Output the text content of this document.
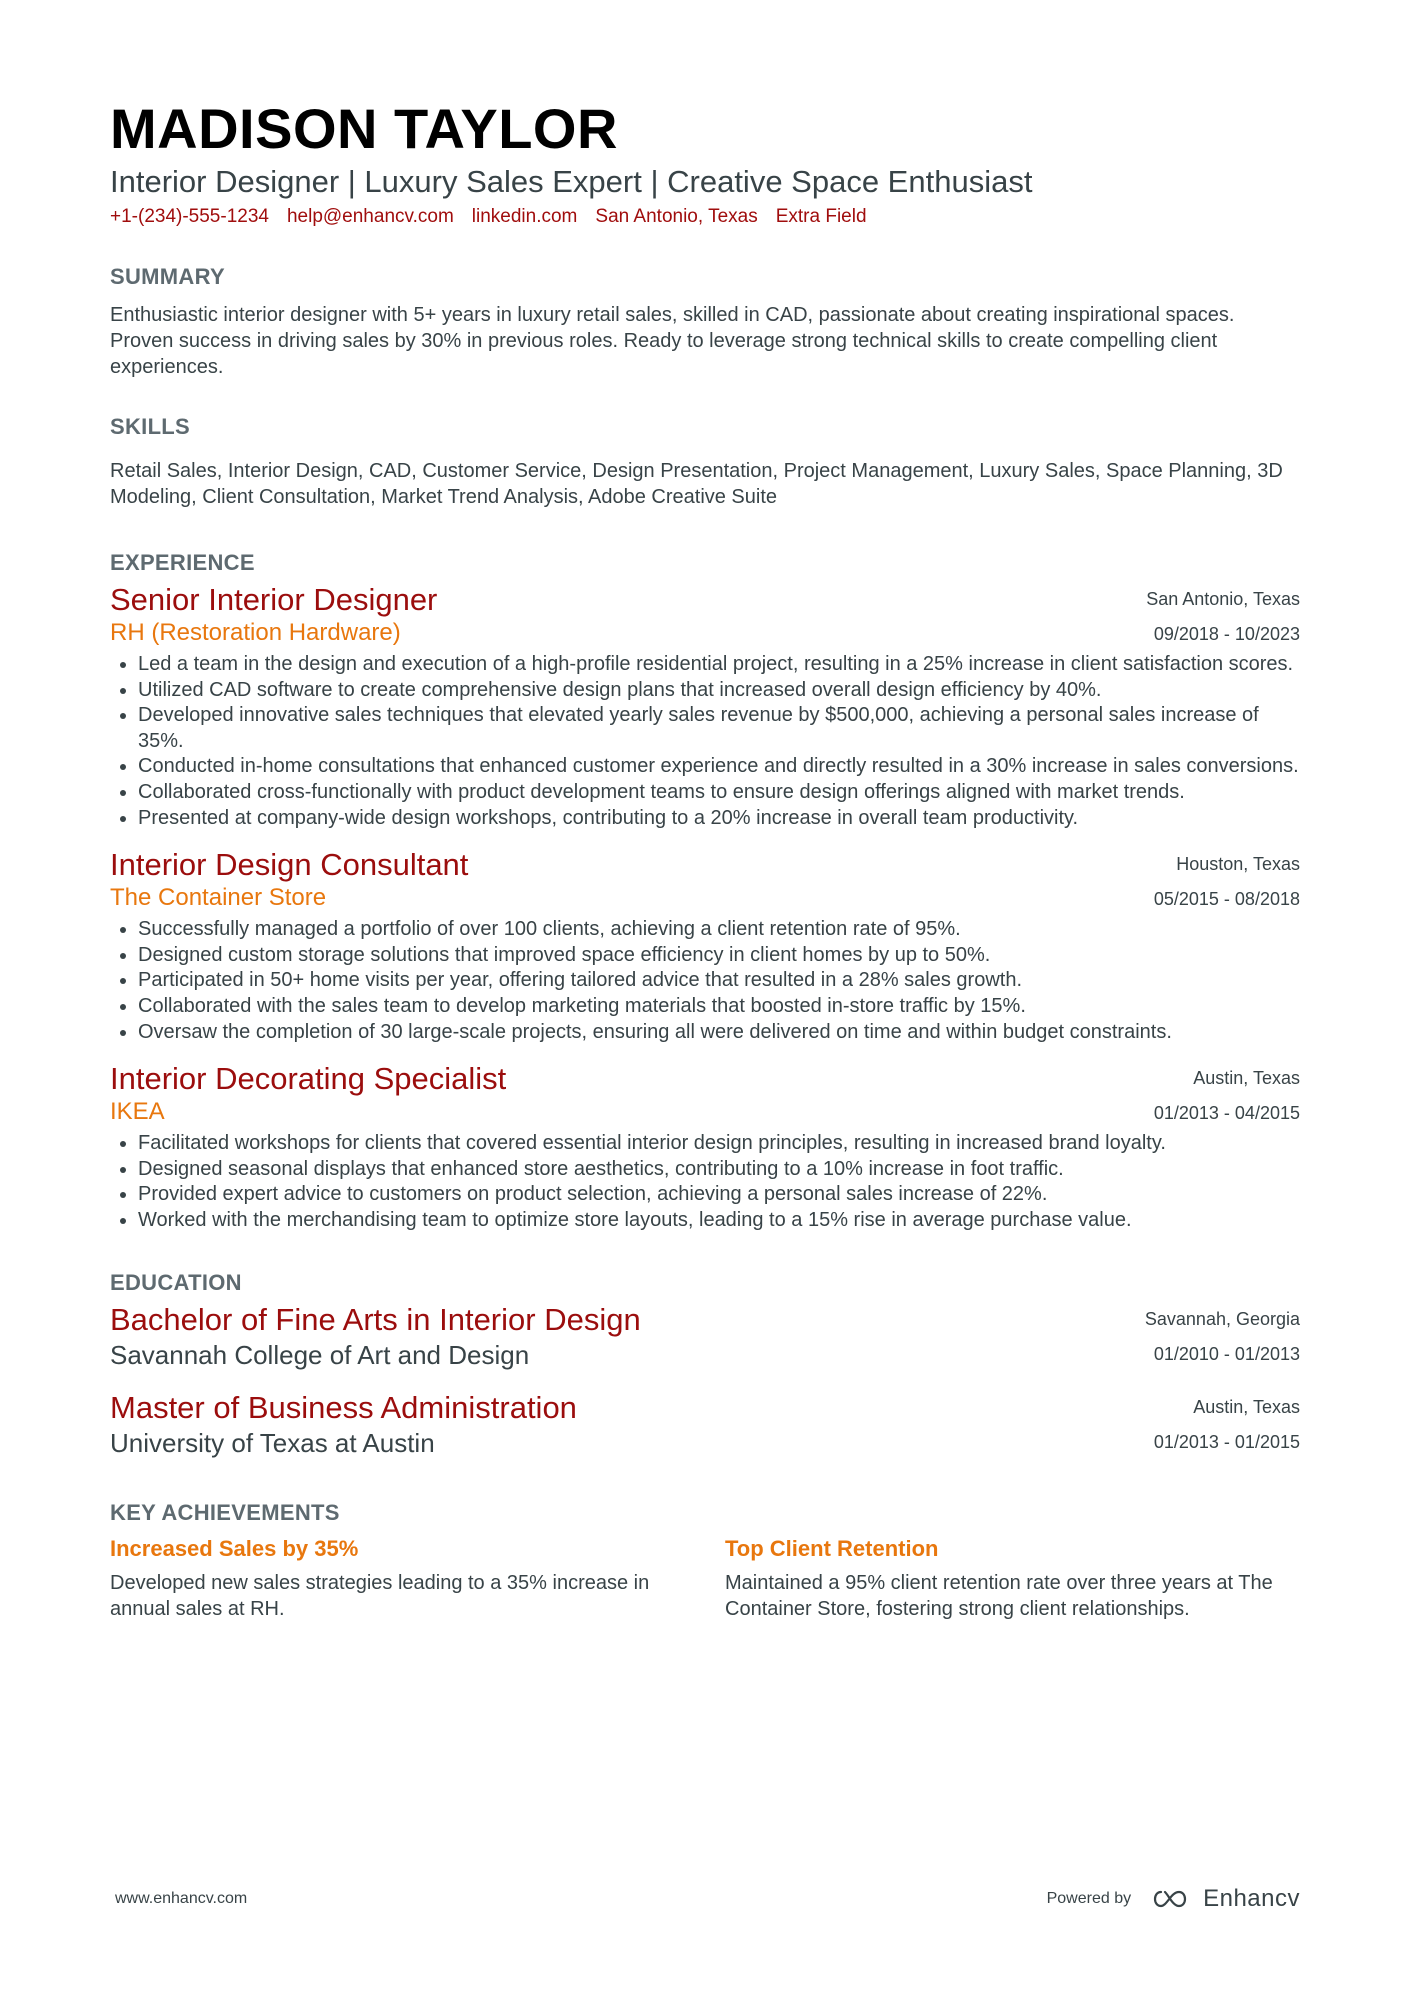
MADISON TAYLOR
Interior Designer | Luxury Sales Expert | Creative Space Enthusiast
+1-(234)-555-1234 help@enhancv.com linkedin.com San Antonio, Texas Extra Field
SUMMARY
Enthusiastic interior designer with 5+ years in luxury retail sales, skilled in CAD, passionate about creating inspirational spaces. Proven success in driving sales by 30% in previous roles. Ready to leverage strong technical skills to create compelling client experiences.
SKILLS
Retail Sales, Interior Design, CAD, Customer Service, Design Presentation, Project Management, Luxury Sales, Space Planning, 3D Modeling, Client Consultation, Market Trend Analysis, Adobe Creative Suite
EXPERIENCE
Senior Interior Designer
RH (Restoration Hardware)
San Antonio, Texas
09/2018 - 10/2023
• Led a team in the design and execution of a high-profile residential project, resulting in a 25% increase in client satisfaction scores.
• Utilized CAD software to create comprehensive design plans that increased overall design efficiency by 40%.
• Developed innovative sales techniques that elevated yearly sales revenue by $500,000, achieving a personal sales increase of 35%.
• Conducted in-home consultations that enhanced customer experience and directly resulted in a 30% increase in sales conversions.
• Collaborated cross-functionally with product development teams to ensure design offerings aligned with market trends.
• Presented at company-wide design workshops, contributing to a 20% increase in overall team productivity.
Interior Design Consultant
The Container Store
Houston, Texas
05/2015 - 08/2018
• Successfully managed a portfolio of over 100 clients, achieving a client retention rate of 95%.
• Designed custom storage solutions that improved space efficiency in client homes by up to 50%.
• Participated in 50+ home visits per year, offering tailored advice that resulted in a 28% sales growth.
• Collaborated with the sales team to develop marketing materials that boosted in-store traffic by 15%.
• Oversaw the completion of 30 large-scale projects, ensuring all were delivered on time and within budget constraints.
Interior Decorating Specialist
IKEA
Austin, Texas
01/2013 - 04/2015
• Facilitated workshops for clients that covered essential interior design principles, resulting in increased brand loyalty.
• Designed seasonal displays that enhanced store aesthetics, contributing to a 10% increase in foot traffic.
• Provided expert advice to customers on product selection, achieving a personal sales increase of 22%.
• Worked with the merchandising team to optimize store layouts, leading to a 15% rise in average purchase value.
EDUCATION
Bachelor of Fine Arts in Interior Design
Savannah College of Art and Design
Savannah, Georgia
01/2010 - 01/2013
Master of Business Administration
University of Texas at Austin
Austin, Texas
01/2013 - 01/2015
KEY ACHIEVEMENTS
Increased Sales by 35%
Developed new sales strategies leading to a 35% increase in annual sales at RH.
Top Client Retention
Maintained a 95% client retention rate over three years at The Container Store, fostering strong client relationships.
www.enhancv.com	Powered by	Enhancv
